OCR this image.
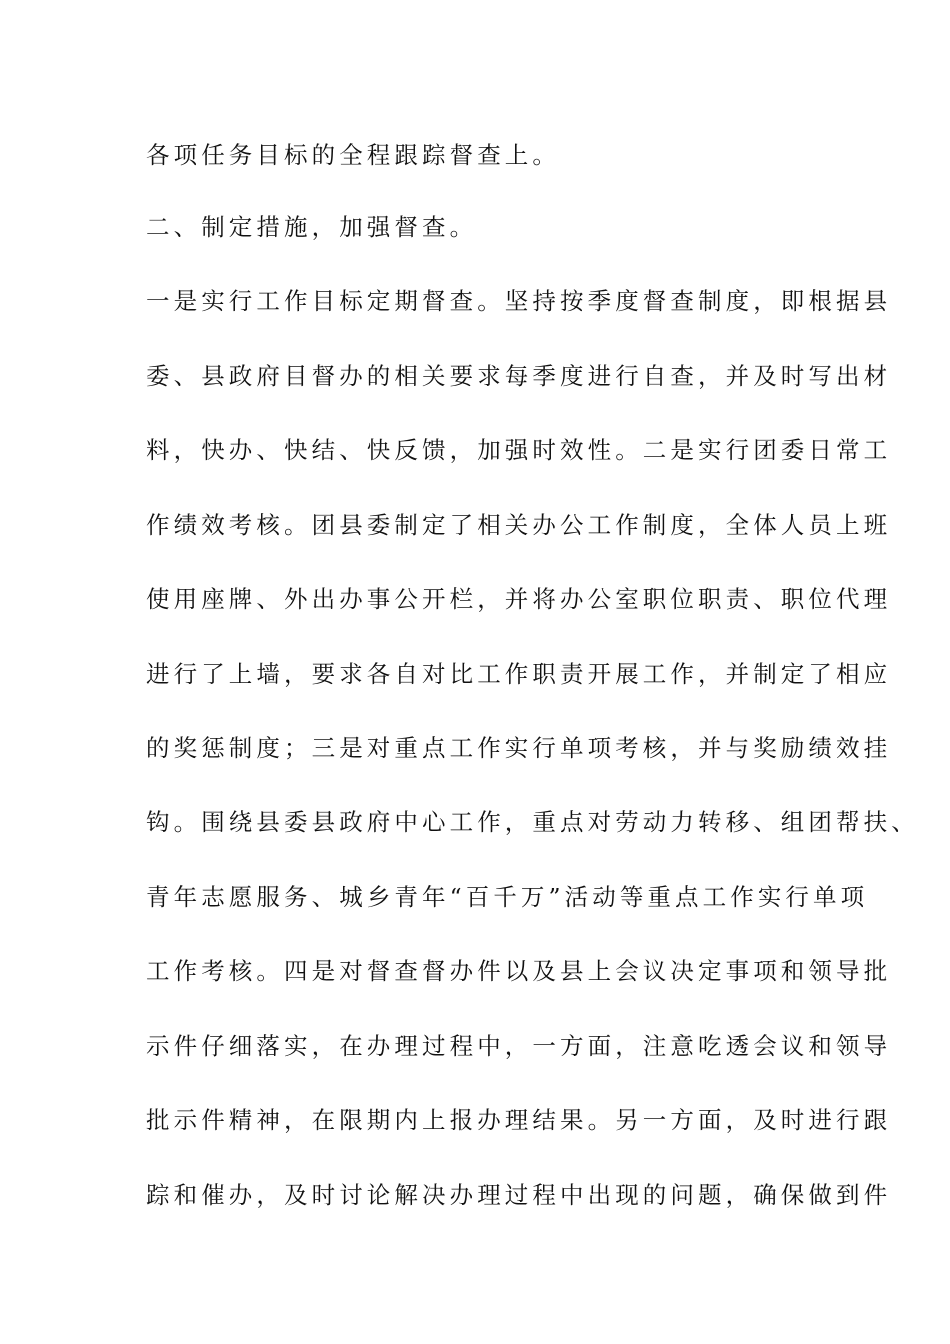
各项任务目标的全程跟踪督查上。
二、制定措施，加强督查。
一是实行工作目标定期督查。坚持按季度督查制度，即根据县
委、县政府目督办的相关要求每季度进行自查，并及时写出材
料，快办、快结、快反馈，加强时效性。二是实行团委日常工
作绩效考核。团县委制定了相关办公工作制度，全体人员上班
使用座牌、外出办事公开栏，并将办公室职位职责、职位代理
进行了上墙，要求各自对比工作职责开展工作，并制定了相应
的奖惩制度；三是对重点工作实行单项考核，并与奖励绩效挂
钩。围绕县委县政府中心工作，重点对劳动力转移、组团帮扶、
青年志愿服务、城乡青年“百千万”活动等重点工作实行单项
工作考核。四是对督查督办件以及县上会议决定事项和领导批
示件仔细落实，在办理过程中，一方面，注意吃透会议和领导
批示件精神，在限期内上报办理结果。另一方面，及时进行跟
踪和催办，及时讨论解决办理过程中出现的问题，确保做到件
